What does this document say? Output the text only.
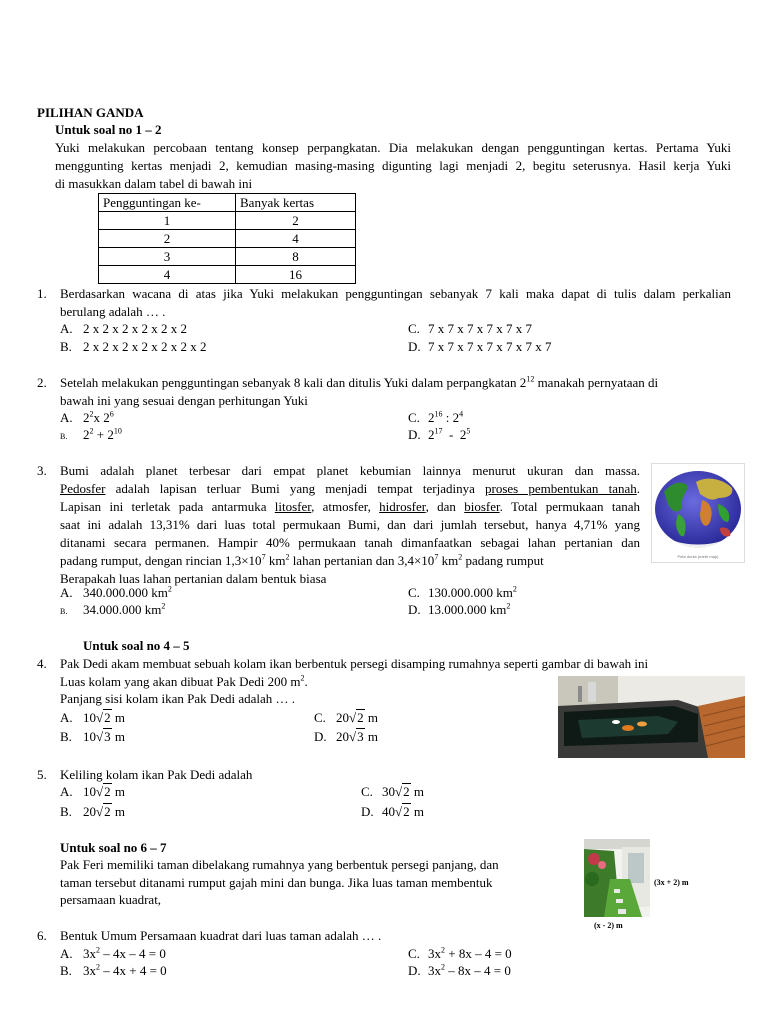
PILIHAN GANDA
Untuk soal no 1 – 2
Yuki melakukan percobaan tentang konsep perpangkatan. Dia melakukan dengan pengguntingan kertas. Pertama Yuki
menggunting kertas menjadi 2, kemudian masing-masing digunting lagi menjadi 2, begitu seterusnya. Hasil kerja Yuki
di masukkan dalam tabel di bawah ini
Pengguntingan ke-	Banyak kertas
1	2
2	4
3	8
4	16
1. Berdasarkan wacana di atas jika Yuki melakukan pengguntingan sebanyak 7 kali maka dapat di tulis dalam perkalian
berulang adalah … .
A. 2 x 2 x 2 x 2 x 2 x 2
B. 2 x 2 x 2 x 2 x 2 x 2 x 2
C. 7 x 7 x 7 x 7 x 7 x 7
D. 7 x 7 x 7 x 7 x 7 x 7 x 7
2. Setelah melakukan pengguntingan sebanyak 8 kali dan ditulis Yuki dalam perpangkatan $2^{12}$ manakah pernyataan di
bawah ini yang sesuai dengan perhitungan Yuki
A. $2^2x$ $2^6$
B. $2^2 + 2^{10}$
C. $2^{16}$ : $2^4$
D. $2^{17} - 2^5$
3. Bumi adalah planet terbesar dari empat planet kebumian lainnya menurut ukuran dan massa.
Pedosfer adalah lapisan terluar Bumi yang menjadi tempat terjadinya proses pembentukan tanah.
Lapisan ini terletak pada antarmuka litosfer, atmosfer, hidrosfer, dan biosfer. Total permukaan tanah
saat ini adalah 13,31% dari luas total permukaan Bumi, dan dari jumlah tersebut, hanya 4,71% yang
ditanami secara permanen. Hampir 40% permukaan tanah dimanfaatkan sebagai lahan pertanian dan
padang rumput, dengan rincian $1,3\times 10^7$ $km^2$ lahan pertanian dan $3,4\times 10^7$ $km^2$ padang rumput
Berapakah luas lahan pertanian dalam bentuk biasa
Peta dunia (earth map)
A. 340.000.000 $km^2$
B. 34.000.000 $km^2$
C. 130.000.000 $km^2$
D. 13.000.000 $km^2$
Untuk soal no 4 – 5
4. Pak Dedi akam membuat sebuah kolam ikan berbentuk persegi disamping rumahnya seperti gambar di bawah ini
Luas kolam yang akan dibuat Pak Dedi 200 $m^2$.
Panjang sisi kolam ikan Pak Dedi adalah … .
A. 10√2 m
B. 10√3 m
C. 20√2 m
D. 20√3 m
5. Keliling kolam ikan Pak Dedi adalah
A. 10√2 m
B. 20√2 m
C. 30√2 m
D. 40√2 m
Untuk soal no 6 – 7
Pak Feri memiliki taman dibelakang rumahnya yang berbentuk persegi panjang, dan
taman tersebut ditanami rumput gajah mini dan bunga. Jika luas taman membentuk
persamaan kuadrat,
(3x + 2) m
(x - 2) m
6. Bentuk Umum Persamaan kuadrat dari luas taman adalah … .
A. $3x^2 - 4x - 4 = 0$
B. $3x^2 - 4x + 4 = 0$
C. $3x^2 + 8x - 4 = 0$
D. $3x^2 - 8x - 4 = 0$
